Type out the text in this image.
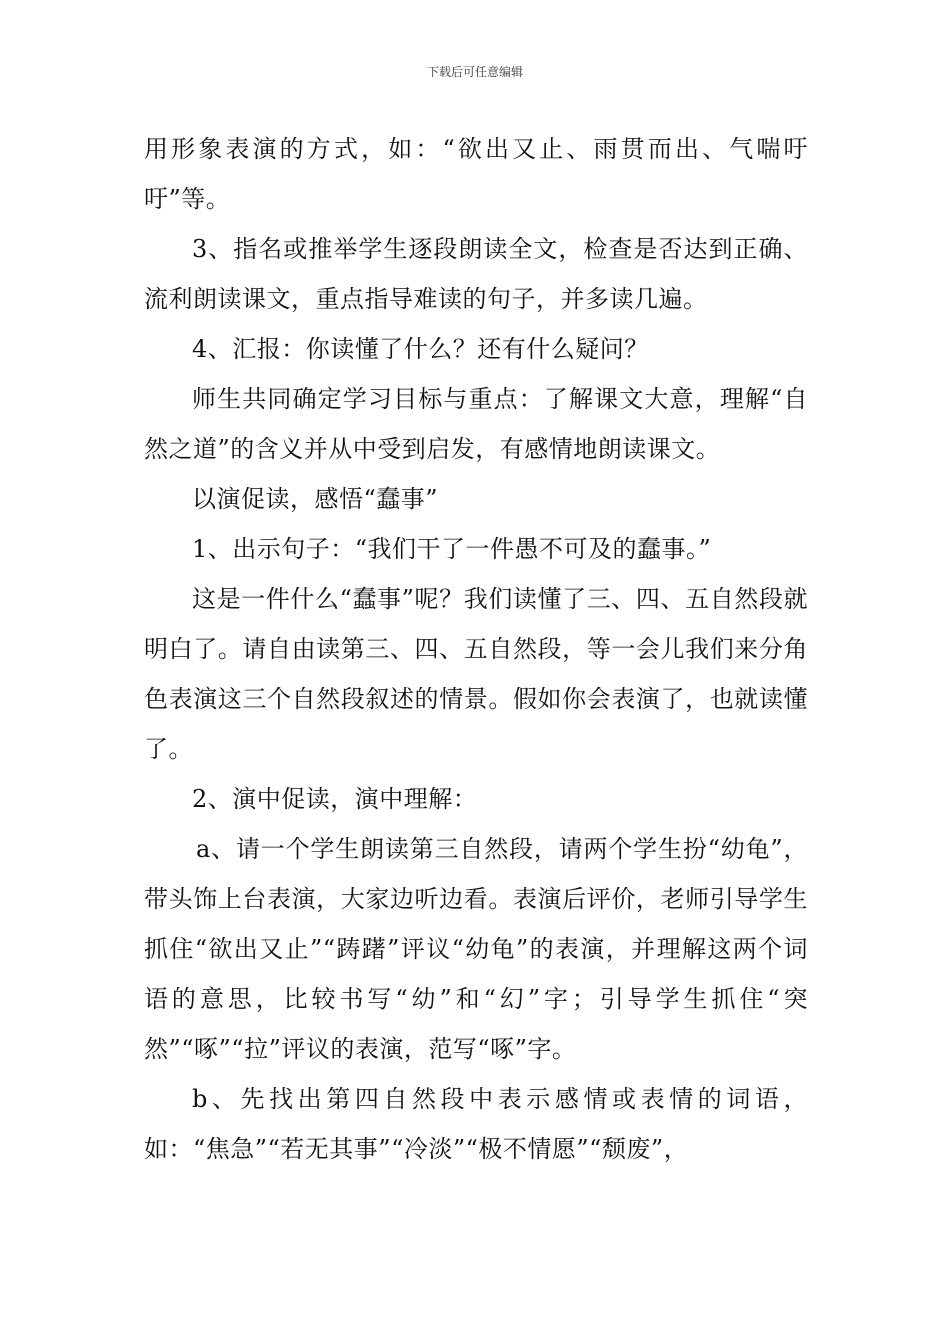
下载后可任意编辑

用形象表演的方式，如：“欲出又止、雨贯而出、气喘吁吁”等。

3、指名或推举学生逐段朗读全文，检查是否达到正确、流利朗读课文，重点指导难读的句子，并多读几遍。

4、汇报：你读懂了什么？还有什么疑问？

师生共同确定学习目标与重点：了解课文大意，理解“自然之道”的含义并从中受到启发，有感情地朗读课文。

以演促读，感悟“蠢事”

1、出示句子：“我们干了一件愚不可及的蠢事。”

这是一件什么“蠢事”呢？我们读懂了三、四、五自然段就明白了。请自由读第三、四、五自然段，等一会儿我们来分角色表演这三个自然段叙述的情景。假如你会表演了，也就读懂了。

2、演中促读，演中理解：

a、请一个学生朗读第三自然段，请两个学生扮“幼龟”，带头饰上台表演，大家边听边看。表演后评价，老师引导学生抓住“欲出又止”“踌躇”评议“幼龟”的表演，并理解这两个词语的意思，比较书写“幼”和“幻”字；引导学生抓住“突然”“啄”“拉”评议的表演，范写“啄”字。

b、先找出第四自然段中表示感情或表情的词语，如：“焦急”“若无其事”“冷淡”“极不情愿”“颓废”，
